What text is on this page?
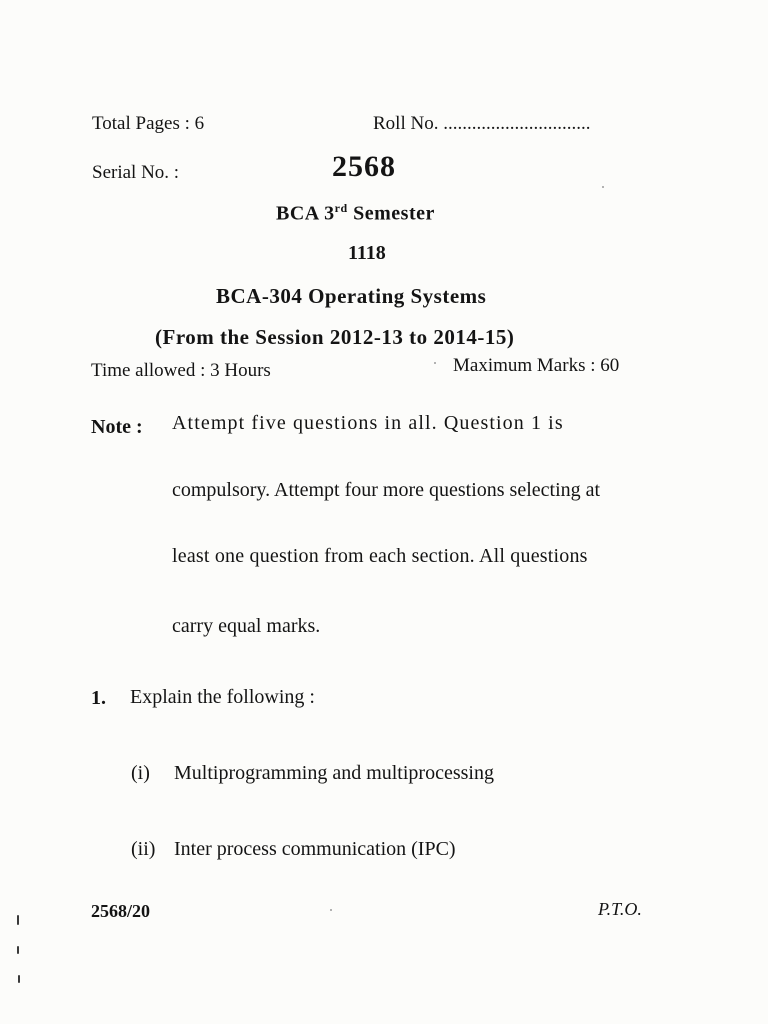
Total Pages : 6	Roll No. ...............................
Serial No. :	2568
BCA 3rd Semester
1118
BCA-304 Operating Systems
(From the Session 2012-13 to 2014-15)
Time allowed : 3 Hours	Maximum Marks : 60
Note : Attempt five questions in all. Question 1 is
compulsory. Attempt four more questions selecting at
least one question from each section. All questions
carry equal marks.
1. Explain the following :
(i) Multiprogramming and multiprocessing
(ii) Inter process communication (IPC)
2568/20	P.T.O.
